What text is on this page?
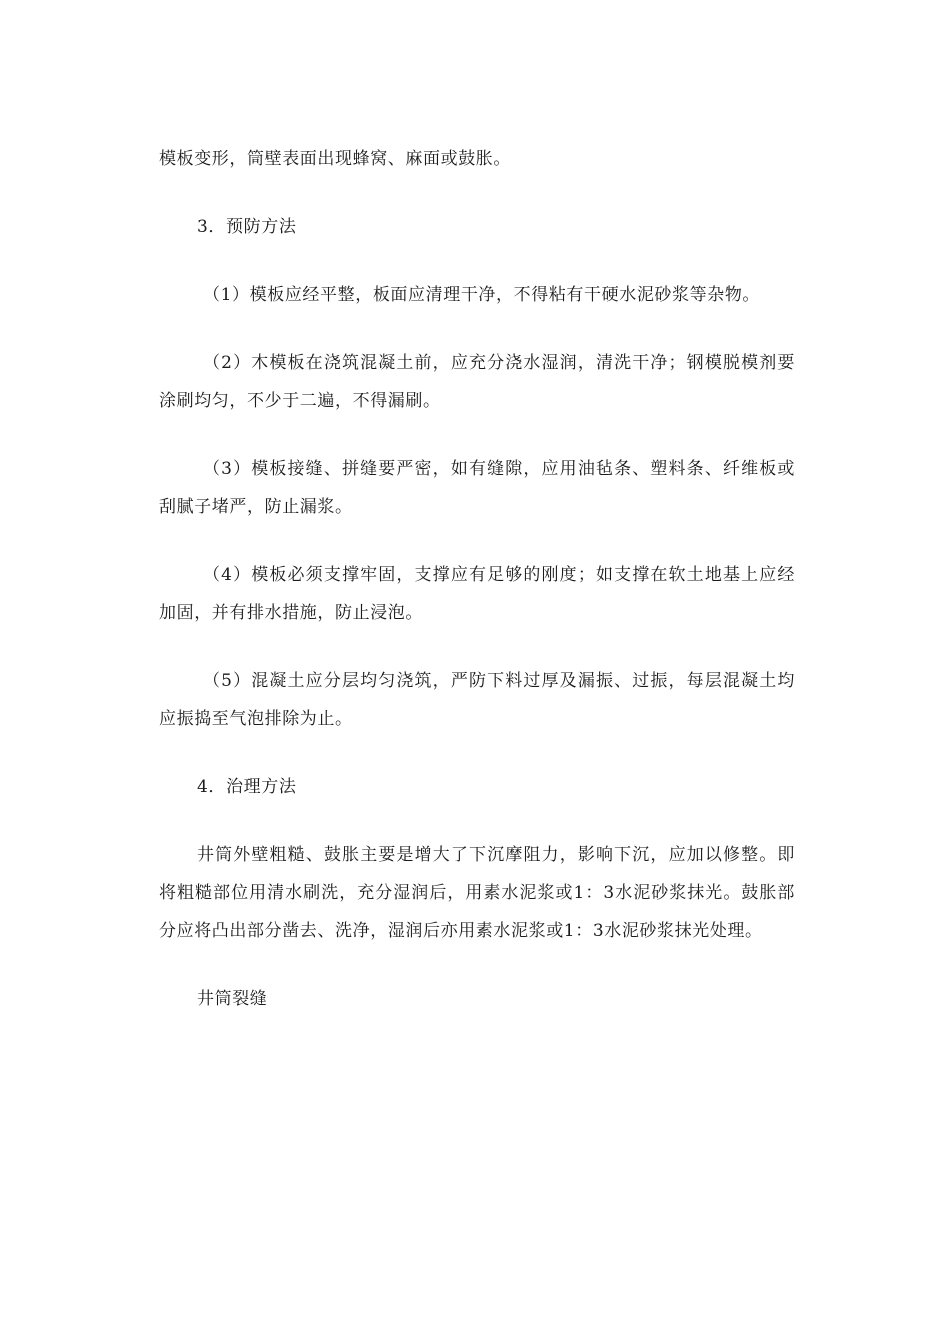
模板变形，筒壁表面出现蜂窝、麻面或鼓胀。

3．预防方法

（1）模板应经平整，板面应清理干净，不得粘有干硬水泥砂浆等杂物。

（2）木模板在浇筑混凝土前，应充分浇水湿润，清洗干净；钢模脱模剂要涂刷均匀，不少于二遍，不得漏刷。

（3）模板接缝、拼缝要严密，如有缝隙，应用油毡条、塑料条、纤维板或刮腻子堵严，防止漏浆。

（4）模板必须支撑牢固，支撑应有足够的刚度；如支撑在软土地基上应经加固，并有排水措施，防止浸泡。

（5）混凝土应分层均匀浇筑，严防下料过厚及漏振、过振，每层混凝土均应振捣至气泡排除为止。

4．治理方法

井筒外壁粗糙、鼓胀主要是增大了下沉摩阻力，影响下沉，应加以修整。即将粗糙部位用清水刷洗，充分湿润后，用素水泥浆或1：3水泥砂浆抹光。鼓胀部分应将凸出部分凿去、洗净，湿润后亦用素水泥浆或1：3水泥砂浆抹光处理。

井筒裂缝
